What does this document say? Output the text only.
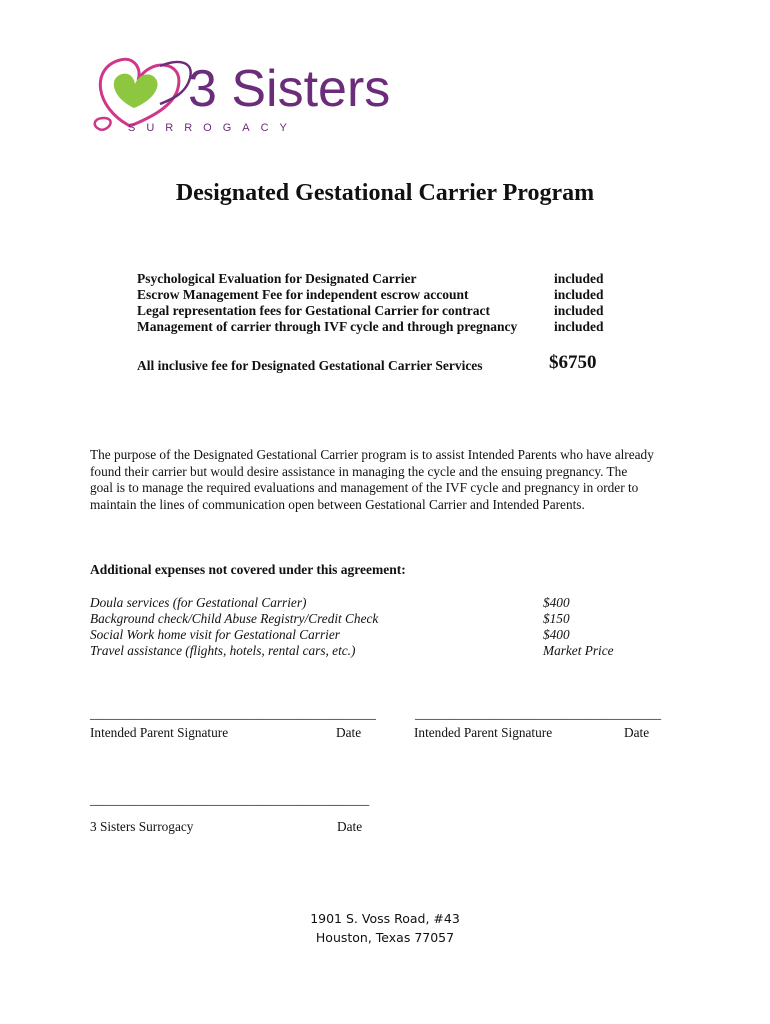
3 Sisters
SURROGACY
Designated Gestational Carrier Program
Psychological Evaluation for Designated Carrier	included
Escrow Management Fee for independent escrow account	included
Legal representation fees for Gestational Carrier for contract	included
Management of carrier through IVF cycle and through pregnancy	included
All inclusive fee for Designated Gestational Carrier Services	$6750
The purpose of the Designated Gestational Carrier program is to assist Intended Parents who have already
found their carrier but would desire assistance in managing the cycle and the ensuing pregnancy. The
goal is to manage the required evaluations and management of the IVF cycle and pregnancy in order to
maintain the lines of communication open between Gestational Carrier and Intended Parents.
Additional expenses not covered under this agreement:
Doula services (for Gestational Carrier)	$400
Background check/Child Abuse Registry/Credit Check	$150
Social Work home visit for Gestational Carrier	$400
Travel assistance (flights, hotels, rental cars, etc.)	Market Price
___________________________________________	_____________________________________
Intended Parent Signature	Date	Intended Parent Signature	Date
__________________________________________
3 Sisters Surrogacy	Date
1901 S. Voss Road, #43
Houston, Texas 77057
